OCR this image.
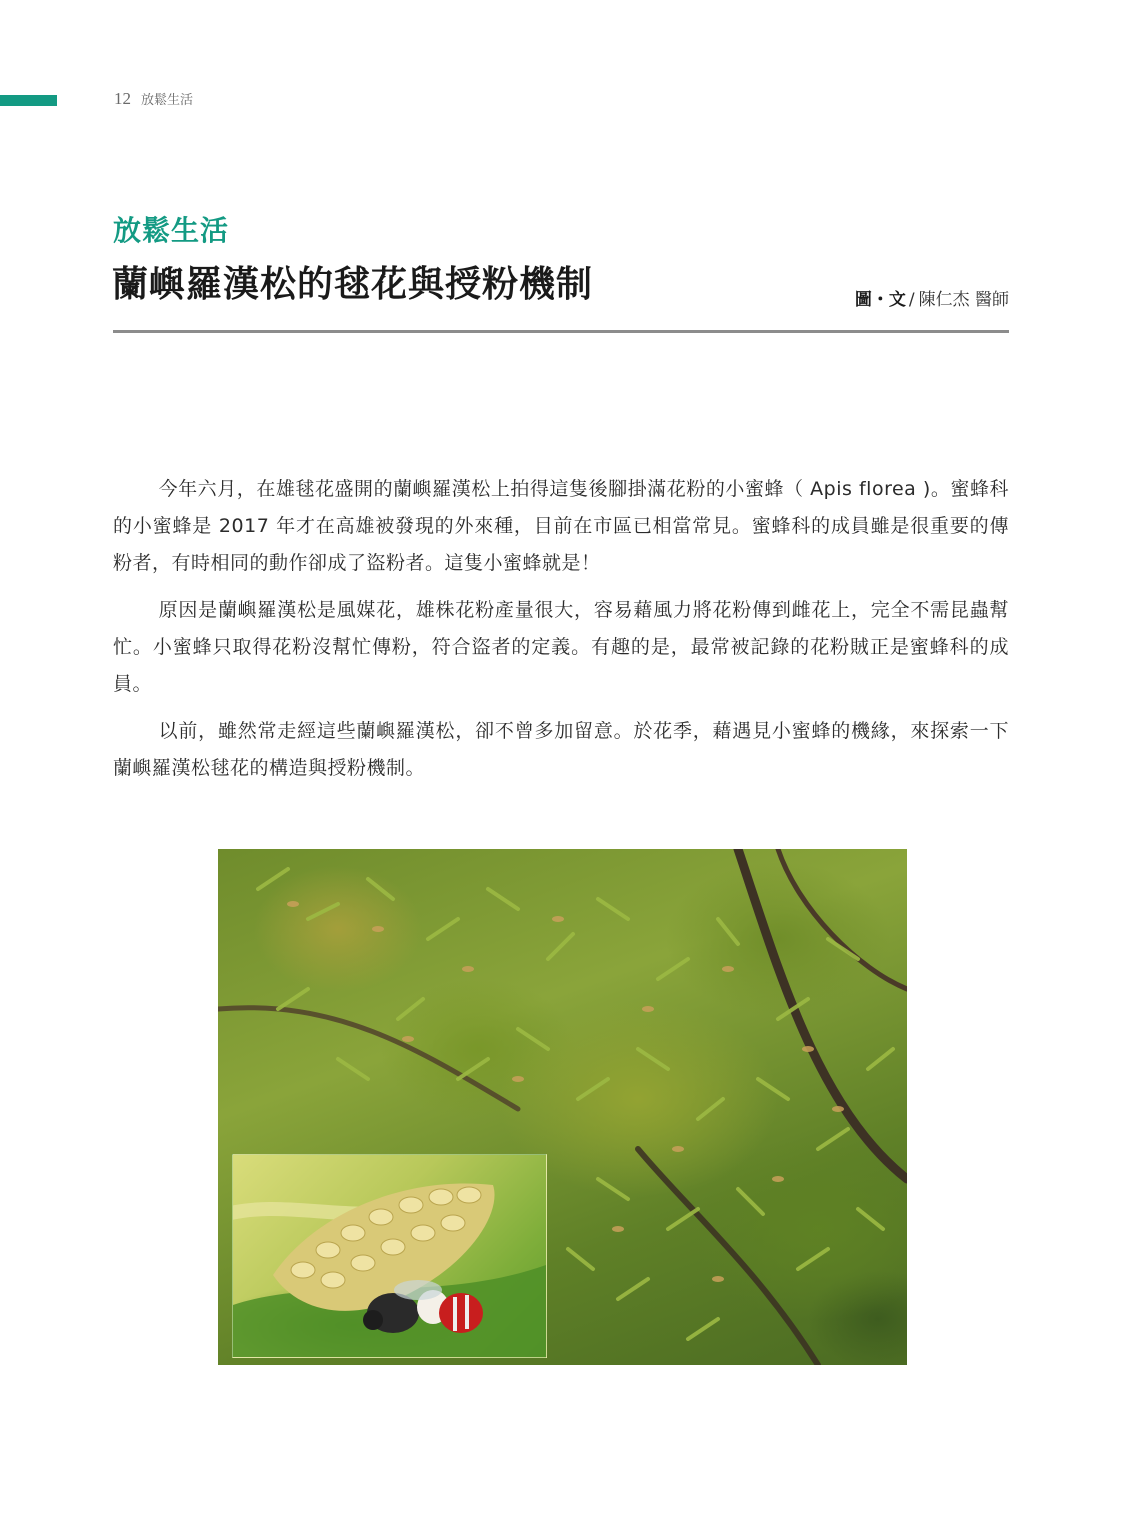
12 放鬆生活
放鬆生活
蘭嶼羅漢松的毬花與授粉機制	圖・文 / 陳仁杰 醫師

今年六月，在雄毬花盛開的蘭嶼羅漢松上拍得這隻後腳掛滿花粉的小蜜蜂（ Apis florea )。蜜蜂科的小蜜蜂是 2017 年才在高雄被發現的外來種，目前在市區已相當常見。蜜蜂科的成員雖是很重要的傳粉者，有時相同的動作卻成了盜粉者。這隻小蜜蜂就是！

原因是蘭嶼羅漢松是風媒花，雄株花粉產量很大，容易藉風力將花粉傳到雌花上，完全不需昆蟲幫忙。小蜜蜂只取得花粉沒幫忙傳粉，符合盜者的定義。有趣的是，最常被記錄的花粉賊正是蜜蜂科的成員。

以前，雖然常走經這些蘭嶼羅漢松，卻不曾多加留意。於花季，藉遇見小蜜蜂的機緣，來探索一下蘭嶼羅漢松毬花的構造與授粉機制。
